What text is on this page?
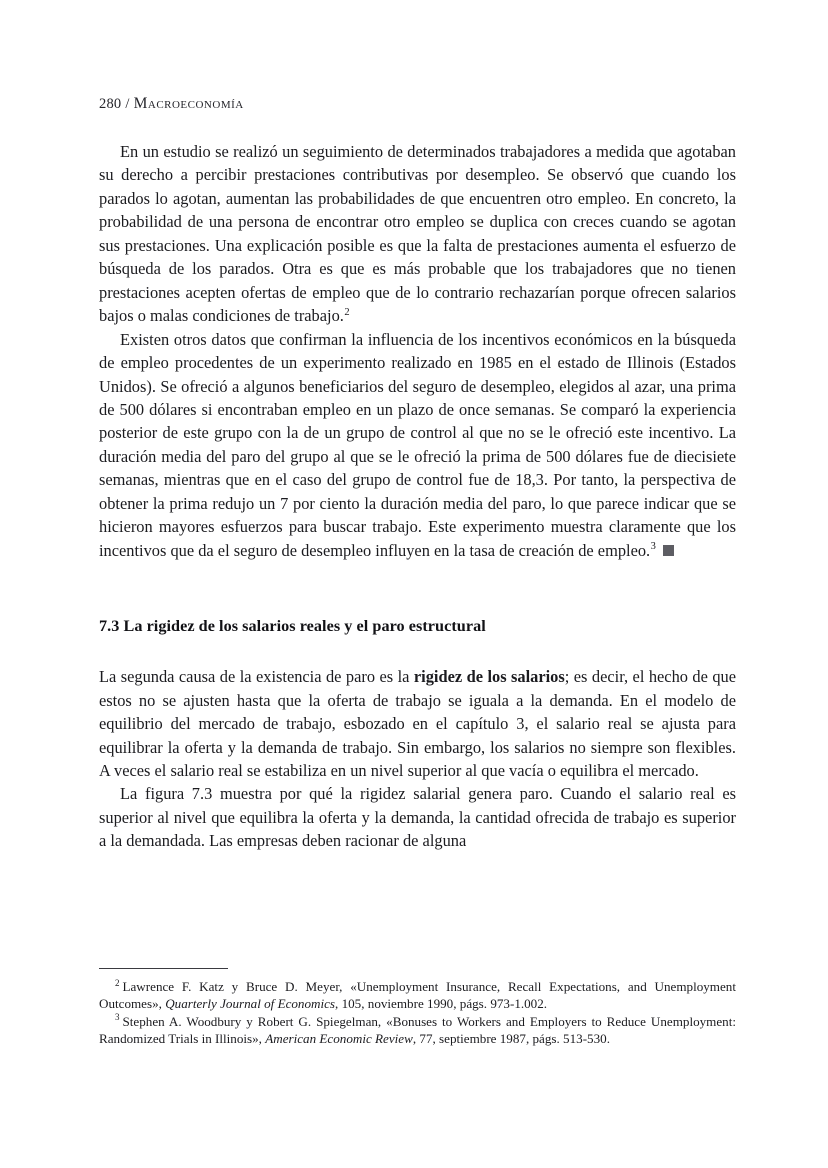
280 / Macroeconomía

En un estudio se realizó un seguimiento de determinados trabajadores a medida que agotaban su derecho a percibir prestaciones contributivas por desempleo. Se observó que cuando los parados lo agotan, aumentan las probabilidades de que encuentren otro empleo. En concreto, la probabilidad de una persona de encontrar otro empleo se duplica con creces cuando se agotan sus prestaciones. Una explicación posible es que la falta de prestaciones aumenta el esfuerzo de búsqueda de los parados. Otra es que es más probable que los trabajadores que no tienen prestaciones acepten ofertas de empleo que de lo contrario rechazarían porque ofrecen salarios bajos o malas condiciones de trabajo.$^2$

Existen otros datos que confirman la influencia de los incentivos económicos en la búsqueda de empleo procedentes de un experimento realizado en 1985 en el estado de Illinois (Estados Unidos). Se ofreció a algunos beneficiarios del seguro de desempleo, elegidos al azar, una prima de 500 dólares si encontraban empleo en un plazo de once semanas. Se comparó la experiencia posterior de este grupo con la de un grupo de control al que no se le ofreció este incentivo. La duración media del paro del grupo al que se le ofreció la prima de 500 dólares fue de diecisiete semanas, mientras que en el caso del grupo de control fue de 18,3. Por tanto, la perspectiva de obtener la prima redujo un 7 por ciento la duración media del paro, lo que parece indicar que se hicieron mayores esfuerzos para buscar trabajo. Este experimento muestra claramente que los incentivos que da el seguro de desempleo influyen en la tasa de creación de empleo.$^3$

7.3 La rigidez de los salarios reales y el paro estructural

La segunda causa de la existencia de paro es la rigidez de los salarios; es decir, el hecho de que estos no se ajusten hasta que la oferta de trabajo se iguala a la demanda. En el modelo de equilibrio del mercado de trabajo, esbozado en el capítulo 3, el salario real se ajusta para equilibrar la oferta y la demanda de trabajo. Sin embargo, los salarios no siempre son flexibles. A veces el salario real se estabiliza en un nivel superior al que vacía o equilibra el mercado.

La figura 7.3 muestra por qué la rigidez salarial genera paro. Cuando el salario real es superior al nivel que equilibra la oferta y la demanda, la cantidad ofrecida de trabajo es superior a la demandada. Las empresas deben racionar de alguna

$^2$ Lawrence F. Katz y Bruce D. Meyer, «Unemployment Insurance, Recall Expectations, and Unemployment Outcomes», Quarterly Journal of Economics, 105, noviembre 1990, págs. 973-1.002.

$^3$ Stephen A. Woodbury y Robert G. Spiegelman, «Bonuses to Workers and Employers to Reduce Unemployment: Randomized Trials in Illinois», American Economic Review, 77, septiembre 1987, págs. 513-530.
